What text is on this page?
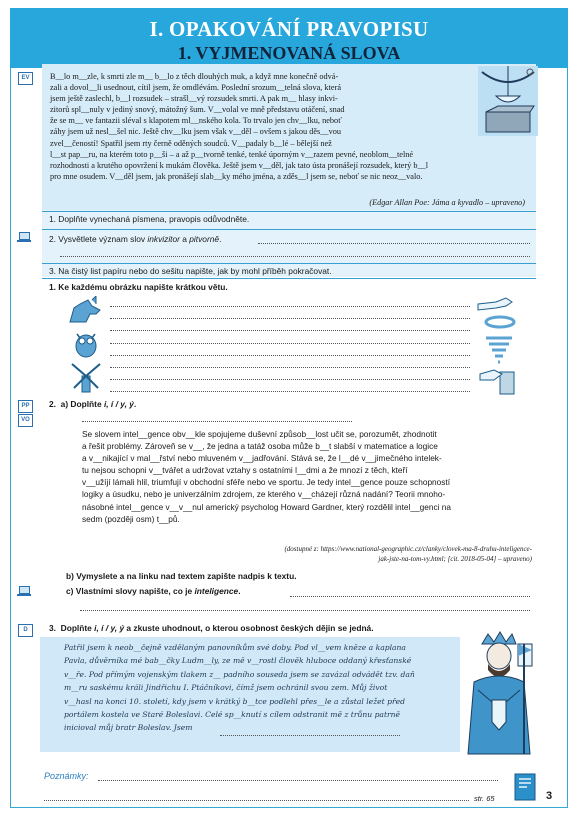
I. OPAKOVÁNÍ PRAVOPISU
1. VYJMENOVANÁ SLOVA
EV	B__lo m__zle, k smrti zle m__ b__lo z těch dlouhých muk, a když mne konečně odvá-
zali a dovol__li usednout, cítil jsem, že omdlévám. Poslední srozum__telná slova, která
jsem ještě zaslechl, b__l rozsudek – strašl__vý rozsudek smrti. A pak m__ hlasy inkvi-
zitorů spl__nuly v jediný snový, mátožný šum. V__volal ve mně představu otáčení, snad
že se m__ ve fantazii sléval s klapotem ml__nského kola. To trvalo jen chv__lku, neboť
záhy jsem už nesl__šel nic. Ještě chv__lku jsem však v__děl – ovšem s jakou děs__vou
zvel__čeností! Spatřil jsem rty černě oděných soudců. V__padaly b__lé – bělejší než
l__st pap__ru, na kterém toto p__ši – a až p__tvorně tenké, tenké úporným v__razem pevné, neoblom__telné
rozhodnosti a krutého opovržení k mukám člověka. Ještě jsem v__děl, jak tato ústa pronášejí rozsudek, který b__l
pro mne osudem. V__děl jsem, jak pronášejí slab__ky mého jména, a zděs__l jsem se, neboť se nic neoz__valo.
(Edgar Allan Poe: Jáma a kyvadlo – upraveno)
1. Doplňte vynechaná písmena, pravopis odůvodněte.
2. Vysvětlete význam slov inkvizitor a pitvorně.
3. Na čistý list papíru nebo do sešitu napište, jak by mohl příběh pokračovat.
1. Ke každému obrázku napište krátkou větu.
PP
VO
2. a) Doplňte i, í / y, ý.
Se slovem intel__gence obv__kle spojujeme duševní způsob__lost učit se, porozumět, zhodnotit
a řešit problémy. Zároveň se v__, že jedna a tatáž osoba může b__t slabší v matematice a logice
a v__nikající v mal__řství nebo mluveném v__jadřování. Stává se, že l__dé v__jimečného intelek-
tu nejsou schopni v__tvářet a udržovat vztahy s ostatními l__dmi a že mnozí z těch, kteří
v__užíjí lámali hlil, triumfují v obchodní sféře nebo ve sportu. Je tedy intel__gence pouze schopností
logiky a úsudku, nebo je univerzálním zdrojem, ze kterého v__cházejí různá nadání? Teorii mnoho-
násobné intel__gence v__v__nul americký psycholog Howard Gardner, který rozdělil intel__genci na
sedm (později osm) t__pů.
(dostupné z: https://www.national-geographic.cz/clanky/clovek-ma-8-druhu-inteligence-
jak-jste-na-tom-vy.html; [cit. 2018-05-04] – upraveno)
b) Vymyslete a na linku nad textem zapište nadpis k textu.
c) Vlastními slovy napište, co je inteligence.
D	3. Doplňte i, í / y, ý a zkuste uhodnout, o kterou osobnost českých dějin se jedná.
Patřil jsem k neob__čejně vzdělaným panovníkům své doby. Pod vl__vem kněze a kaplana
Pavla, důvěrníka mé bab__čky Ludm__ly, ze mě v__rostl člověk hluboce oddaný křesťanské
v__ře. Pod přímým vojenským tlakem z__ padního souseda jsem se zavázal odvádět tzv. daň
m__ru saskému králi Jindřichu I. Ptáčníkovi, čímž jsem ochránil svou zem. Můj život
v__hasl na konci 10. století, kdy jsem v krátký b__tce podlehl přes__le a zůstal ležet před
portálem kostela ve Staré Boleslavi. Celé sp__knutí s cílem odstranit mě z trůnu patrně
inicioval můj bratr Boleslav. Jsem
Poznámky:
str. 65	3
